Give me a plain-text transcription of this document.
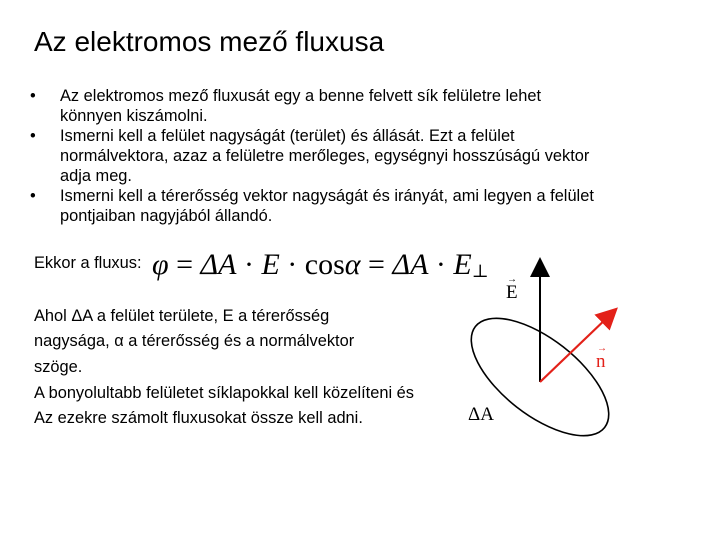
Az elektromos mező fluxusa
• Az elektromos mező fluxusát egy a benne felvett sík felületre lehet
könnyen kiszámolni.
• Ismerni kell a felület nagyságát (terület) és állását. Ezt a felület
normálvektora, azaz a felületre merőleges, egységnyi hosszúságú vektor
adja meg.
• Ismerni kell a térerősség vektor nagyságát és irányát, ami legyen a felület
pontjaiban nagyjából állandó.
Ekkor a fluxus: $\varphi = \Delta A \cdot E \cdot \cos\alpha = \Delta A \cdot E_\perp$
Ahol ΔA a felület területe, E a térerősség
nagysága, α a térerősség és a normálvektor
szöge.
A bonyolultabb felületet síklapokkal kell közelíteni és
Az ezekre számolt fluxusokat össze kell adni.
→
E
→
n
ΔA
